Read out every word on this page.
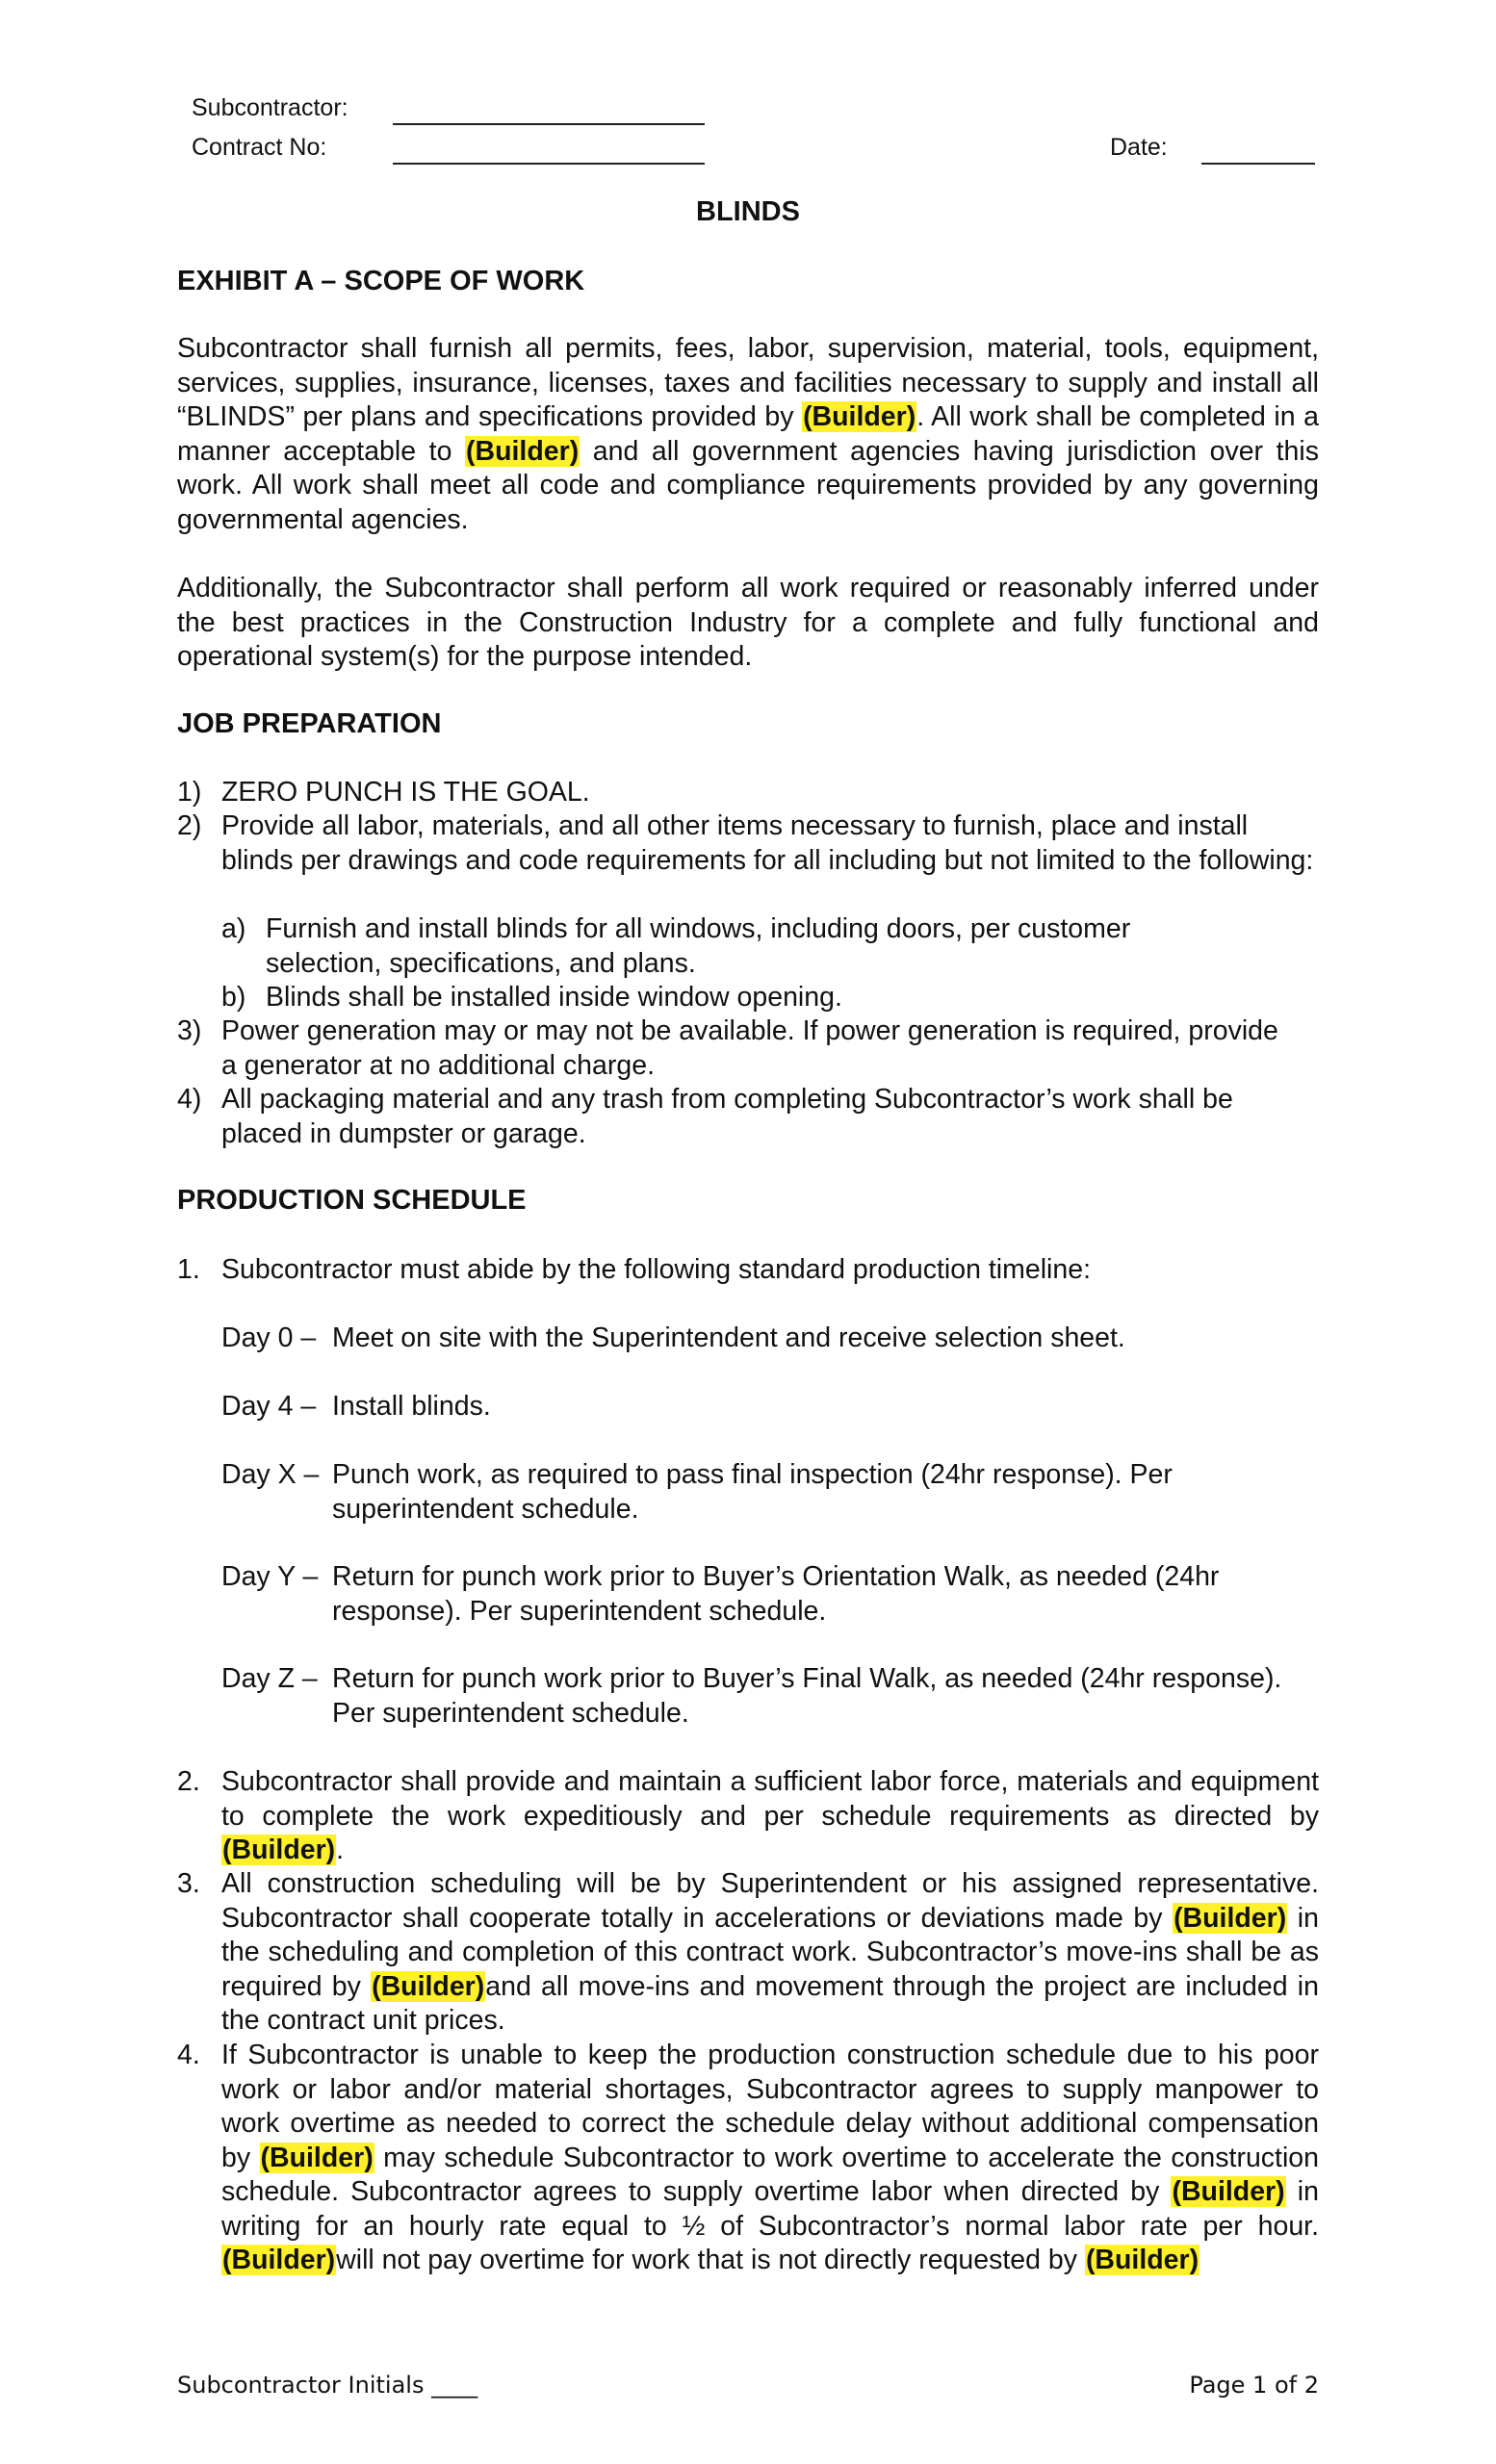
Subcontractor:
Contract No:	Date:
BLINDS
EXHIBIT A – SCOPE OF WORK
Subcontractor shall furnish all permits, fees, labor, supervision, material, tools, equipment, services, supplies, insurance, licenses, taxes and facilities necessary to supply and install all “BLINDS” per plans and specifications provided by (Builder). All work shall be completed in a manner acceptable to (Builder) and all government agencies having jurisdiction over this work. All work shall meet all code and compliance requirements provided by any governing governmental agencies.
Additionally, the Subcontractor shall perform all work required or reasonably inferred under the best practices in the Construction Industry for a complete and fully functional and operational system(s) for the purpose intended.
JOB PREPARATION
1) ZERO PUNCH IS THE GOAL.
2) Provide all labor, materials, and all other items necessary to furnish, place and install blinds per drawings and code requirements for all including but not limited to the following:
a) Furnish and install blinds for all windows, including doors, per customer selection, specifications, and plans.
b) Blinds shall be installed inside window opening.
3) Power generation may or may not be available. If power generation is required, provide a generator at no additional charge.
4) All packaging material and any trash from completing Subcontractor’s work shall be placed in dumpster or garage.
PRODUCTION SCHEDULE
1. Subcontractor must abide by the following standard production timeline:
Day 0 – Meet on site with the Superintendent and receive selection sheet.
Day 4 – Install blinds.
Day X – Punch work, as required to pass final inspection (24hr response). Per superintendent schedule.
Day Y – Return for punch work prior to Buyer’s Orientation Walk, as needed (24hr response). Per superintendent schedule.
Day Z – Return for punch work prior to Buyer’s Final Walk, as needed (24hr response). Per superintendent schedule.
2. Subcontractor shall provide and maintain a sufficient labor force, materials and equipment to complete the work expeditiously and per schedule requirements as directed by (Builder).
3. All construction scheduling will be by Superintendent or his assigned representative. Subcontractor shall cooperate totally in accelerations or deviations made by (Builder) in the scheduling and completion of this contract work. Subcontractor’s move-ins shall be as required by (Builder)and all move-ins and movement through the project are included in the contract unit prices.
4. If Subcontractor is unable to keep the production construction schedule due to his poor work or labor and/or material shortages, Subcontractor agrees to supply manpower to work overtime as needed to correct the schedule delay without additional compensation by (Builder) may schedule Subcontractor to work overtime to accelerate the construction schedule. Subcontractor agrees to supply overtime labor when directed by (Builder) in writing for an hourly rate equal to ½ of Subcontractor’s normal labor rate per hour. (Builder)will not pay overtime for work that is not directly requested by (Builder)
Subcontractor Initials ____	Page 1 of 2
